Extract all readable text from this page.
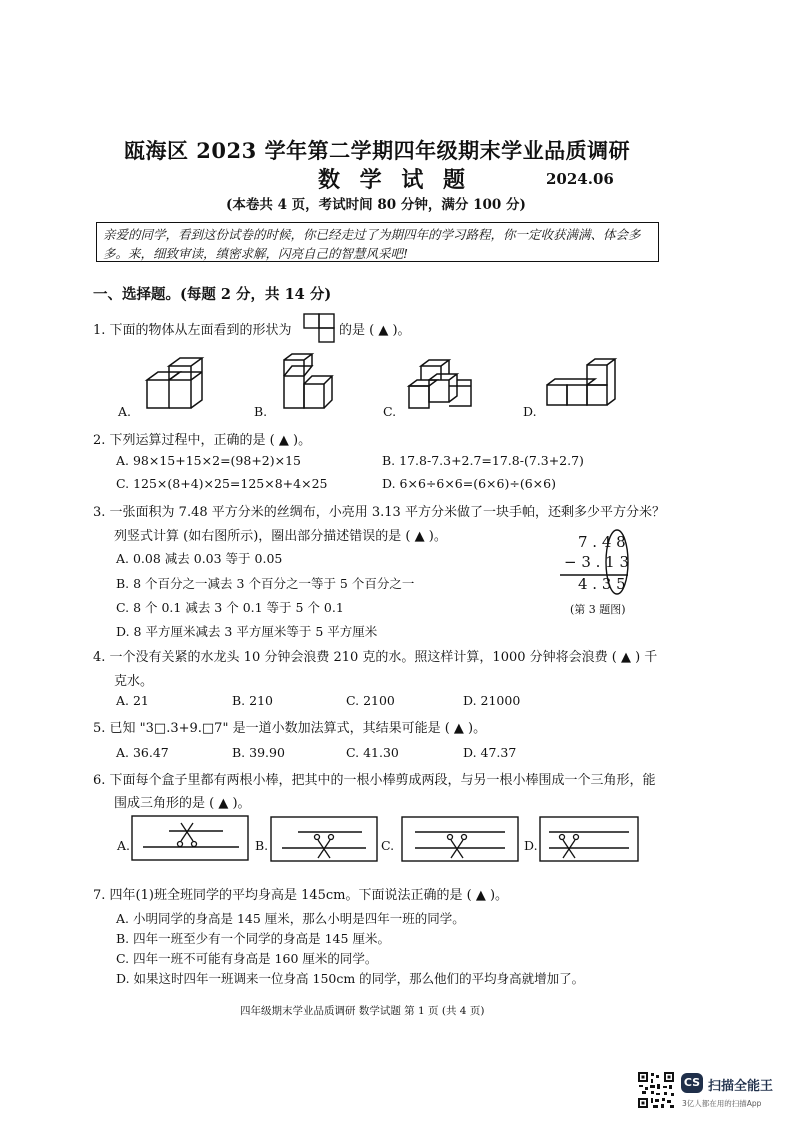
瓯海区 2023 学年第二学期四年级期末学业品质调研
数 学 试 题	2024.06
(本卷共 4 页，考试时间 80 分钟，满分 100 分)
亲爱的同学，看到这份试卷的时候，你已经走过了为期四年的学习路程，你一定收获满满、体会多多。来，细致审读，缜密求解，闪亮自己的智慧风采吧!
一、选择题。(每题 2 分，共 14 分)
1. 下面的物体从左面看到的形状为	的是 ( ▲ )。
A.	B.	C.	D.
2. 下列运算过程中，正确的是 ( ▲ )。
A. 98×15+15×2=(98+2)×15	B. 17.8-7.3+2.7=17.8-(7.3+2.7)
C. 125×(8+4)×25=125×8+4×25	D. 6×6÷6×6=(6×6)÷(6×6)
3. 一张面积为 7.48 平方分米的丝绸布，小亮用 3.13 平方分米做了一块手帕，还剩多少平方分米？
列竖式计算 (如右图所示)，圈出部分描述错误的是 ( ▲ )。
A. 0.08 减去 0.03 等于 0.05
B. 8 个百分之一减去 3 个百分之一等于 5 个百分之一
C. 8 个 0.1 减去 3 个 0.1 等于 5 个 0.1
D. 8 平方厘米减去 3 平方厘米等于 5 平方厘米
7 . 4 8
− 3 . 1 3
4 . 3 5
(第 3 题图)
4. 一个没有关紧的水龙头 10 分钟会浪费 210 克的水。照这样计算，1000 分钟将会浪费 ( ▲ ) 千
克水。
A. 21	B. 210	C. 2100	D. 21000
5. 已知 "3□.3+9.□7" 是一道小数加法算式，其结果可能是 ( ▲ )。
A. 36.47	B. 39.90	C. 41.30	D. 47.37
6. 下面每个盒子里都有两根小棒，把其中的一根小棒剪成两段，与另一根小棒围成一个三角形，能
围成三角形的是 ( ▲ )。
A.	B.	C.	D.
7. 四年(1)班全班同学的平均身高是 145cm。下面说法正确的是 ( ▲ )。
A. 小明同学的身高是 145 厘米，那么小明是四年一班的同学。
B. 四年一班至少有一个同学的身高是 145 厘米。
C. 四年一班不可能有身高是 160 厘米的同学。
D. 如果这时四年一班调来一位身高 150cm 的同学，那么他们的平均身高就增加了。
四年级期末学业品质调研 数学试题 第 1 页 (共 4 页)
CS 扫描全能王
3亿人都在用的扫描App
